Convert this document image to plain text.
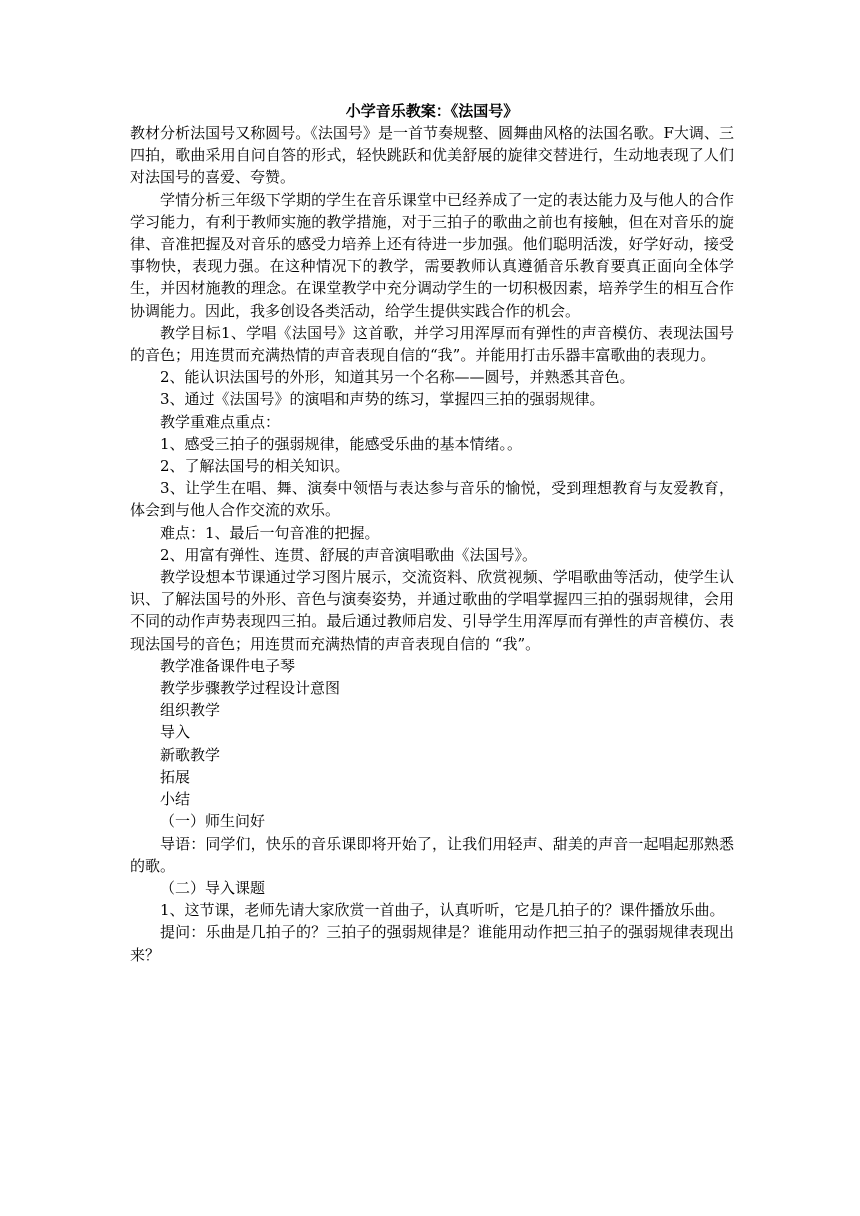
小学音乐教案：《法国号》

教材分析法国号又称圆号。《法国号》是一首节奏规整、圆舞曲风格的法国名歌。F大调、三四拍，歌曲采用自问自答的形式，轻快跳跃和优美舒展的旋律交替进行，生动地表现了人们对法国号的喜爱、夸赞。

学情分析三年级下学期的学生在音乐课堂中已经养成了一定的表达能力及与他人的合作学习能力，有利于教师实施的教学措施，对于三拍子的歌曲之前也有接触，但在对音乐的旋律、音准把握及对音乐的感受力培养上还有待进一步加强。他们聪明活泼，好学好动，接受事物快，表现力强。在这种情况下的教学，需要教师认真遵循音乐教育要真正面向全体学生，并因材施教的理念。在课堂教学中充分调动学生的一切积极因素，培养学生的相互合作协调能力。因此，我多创设各类活动，给学生提供实践合作的机会。

教学目标1、学唱《法国号》这首歌，并学习用浑厚而有弹性的声音模仿、表现法国号的音色；用连贯而充满热情的声音表现自信的“我”。并能用打击乐器丰富歌曲的表现力。

2、能认识法国号的外形，知道其另一个名称——圆号，并熟悉其音色。

3、通过《法国号》的演唱和声势的练习，掌握四三拍的强弱规律。

教学重难点重点：

1、感受三拍子的强弱规律，能感受乐曲的基本情绪。。

2、了解法国号的相关知识。

3、让学生在唱、舞、演奏中领悟与表达参与音乐的愉悦，受到理想教育与友爱教育，体会到与他人合作交流的欢乐。

难点：1、最后一句音准的把握。

2、用富有弹性、连贯、舒展的声音演唱歌曲《法国号》。

教学设想本节课通过学习图片展示，交流资料、欣赏视频、学唱歌曲等活动，使学生认识、了解法国号的外形、音色与演奏姿势，并通过歌曲的学唱掌握四三拍的强弱规律，会用不同的动作声势表现四三拍。最后通过教师启发、引导学生用浑厚而有弹性的声音模仿、表现法国号的音色；用连贯而充满热情的声音表现自信的 “我”。

教学准备课件电子琴

教学步骤教学过程设计意图

组织教学

导入

新歌教学

拓展

小结

（一）师生问好

导语：同学们，快乐的音乐课即将开始了，让我们用轻声、甜美的声音一起唱起那熟悉的歌。

（二）导入课题

1、这节课，老师先请大家欣赏一首曲子，认真听听，它是几拍子的？课件播放乐曲。

提问：乐曲是几拍子的？三拍子的强弱规律是？谁能用动作把三拍子的强弱规律表现出来？
